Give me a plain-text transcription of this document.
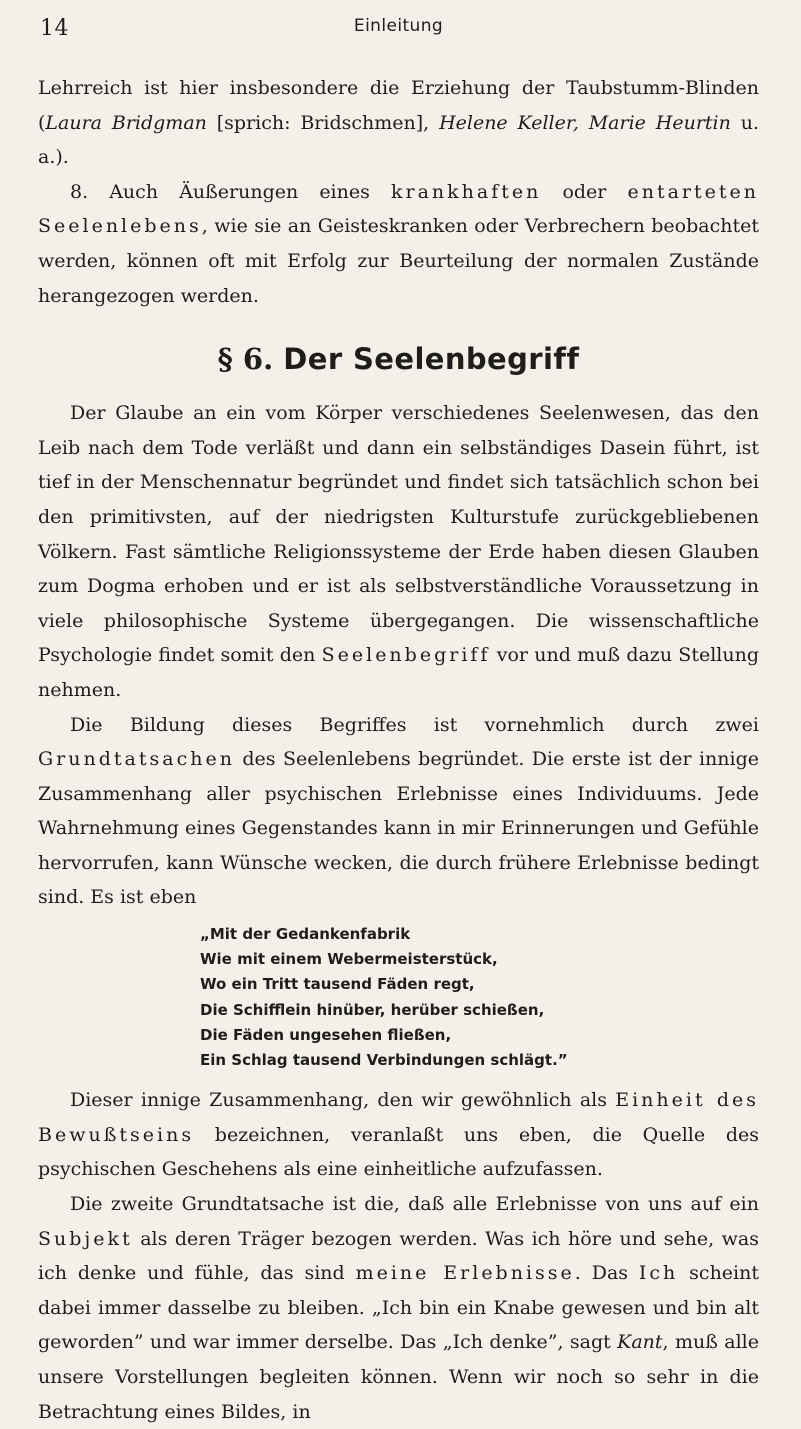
14	Einleitung

Lehrreich ist hier insbesondere die Erziehung der Taubstumm-Blinden (Laura Bridgman [sprich: Bridschmen], Helene Keller, Marie Heurtin u. a.).

8. Auch Äußerungen eines krankhaften oder entarteten Seelenlebens, wie sie an Geisteskranken oder Verbrechern beobachtet werden, können oft mit Erfolg zur Beurteilung der normalen Zustände herangezogen werden.

§ 6. Der Seelenbegriff

Der Glaube an ein vom Körper verschiedenes Seelenwesen, das den Leib nach dem Tode verläßt und dann ein selbständiges Dasein führt, ist tief in der Menschennatur begründet und findet sich tatsächlich schon bei den primitivsten, auf der niedrigsten Kulturstufe zurückgebliebenen Völkern. Fast sämtliche Religionssysteme der Erde haben diesen Glauben zum Dogma erhoben und er ist als selbstverständliche Voraussetzung in viele philosophische Systeme übergegangen. Die wissenschaftliche Psychologie findet somit den Seelenbegriff vor und muß dazu Stellung nehmen.

Die Bildung dieses Begriffes ist vornehmlich durch zwei Grundtatsachen des Seelenlebens begründet. Die erste ist der innige Zusammenhang aller psychischen Erlebnisse eines Individuums. Jede Wahrnehmung eines Gegenstandes kann in mir Erinnerungen und Gefühle hervorrufen, kann Wünsche wecken, die durch frühere Erlebnisse bedingt sind. Es ist eben

„Mit der Gedankenfabrik
Wie mit einem Webermeisterstück,
Wo ein Tritt tausend Fäden regt,
Die Schifflein hinüber, herüber schießen,
Die Fäden ungesehen fließen,
Ein Schlag tausend Verbindungen schlägt.”

Dieser innige Zusammenhang, den wir gewöhnlich als Einheit des Bewußtseins bezeichnen, veranlaßt uns eben, die Quelle des psychischen Geschehens als eine einheitliche aufzufassen.

Die zweite Grundtatsache ist die, daß alle Erlebnisse von uns auf ein Subjekt als deren Träger bezogen werden. Was ich höre und sehe, was ich denke und fühle, das sind meine Erlebnisse. Das Ich scheint dabei immer dasselbe zu bleiben. „Ich bin ein Knabe gewesen und bin alt geworden” und war immer derselbe. Das „Ich denke”, sagt Kant, muß alle unsere Vorstellungen begleiten können. Wenn wir noch so sehr in die Betrachtung eines Bildes, in
